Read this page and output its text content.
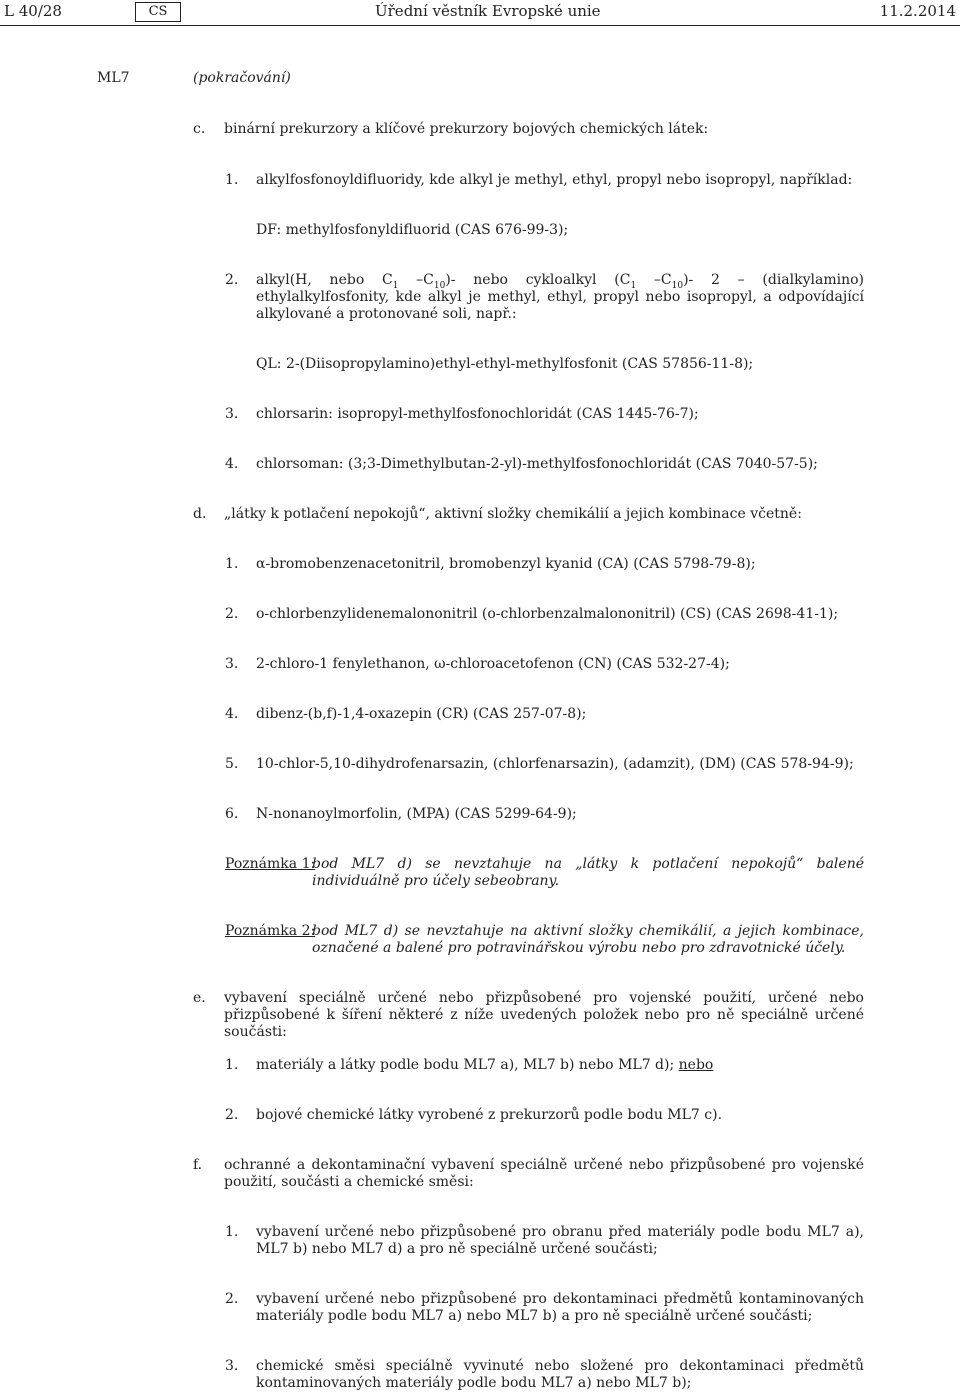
L 40/28	CS	Úřední věstník Evropské unie	11.2.2014
ML7	(pokračování)
c. binární prekurzory a klíčové prekurzory bojových chemických látek:
1. alkylfosfonoyldifluoridy, kde alkyl je methyl, ethyl, propyl nebo isopropyl, například:
DF: methylfosfonyldifluorid (CAS 676-99-3);
2. alkyl(H, nebo $C_1$ $-C_{10})-$ nebo cykloalkyl ($C_1$ $-C_{10})-$ 2 – (dialkylamino) ethylalkylfosfonity, kde alkyl je methyl, ethyl, propyl nebo isopropyl, a odpovídající alkylované a protonované soli, např.:
QL: 2-(Diisopropylamino)ethyl-ethyl-methylfosfonit (CAS 57856-11-8);
3. chlorsarin: isopropyl-methylfosfonochloridát (CAS 1445-76-7);
4. chlorsoman: (3;3-Dimethylbutan-2-yl)-methylfosfonochloridát (CAS 7040-57-5);
d. „látky k potlačení nepokojů“, aktivní složky chemikálií a jejich kombinace včetně:
1. α-bromobenzenacetonitril, bromobenzyl kyanid (CA) (CAS 5798-79-8);
2. o-chlorbenzylidenemalononitril (o-chlorbenzalmalononitril) (CS) (CAS 2698-41-1);
3. 2-chloro-1 fenylethanon, ω-chloroacetofenon (CN) (CAS 532-27-4);
4. dibenz-(b,f)-1,4-oxazepin (CR) (CAS 257-07-8);
5. 10-chlor-5,10-dihydrofenarsazin, (chlorfenarsazin), (adamzit), (DM) (CAS 578-94-9);
6. N-nonanoylmorfolin, (MPA) (CAS 5299-64-9);
Poznámka 1:
bod ML7 d) se nevztahuje na „látky k potlačení nepokojů“ balené individuálně pro účely sebeobrany.
Poznámka 2:
bod ML7 d) se nevztahuje na aktivní složky chemikálií, a jejich kombinace, označené a balené pro potravinářskou výrobu nebo pro zdravotnické účely.
e. vybavení speciálně určené nebo přizpůsobené pro vojenské použití, určené nebo přizpůsobené k šíření některé z níže uvedených položek nebo pro ně speciálně určené součásti:
1. materiály a látky podle bodu ML7 a), ML7 b) nebo ML7 d); nebo
2. bojové chemické látky vyrobené z prekurzorů podle bodu ML7 c).
f. ochranné a dekontaminační vybavení speciálně určené nebo přizpůsobené pro vojenské použití, součásti a chemické směsi:
1. vybavení určené nebo přizpůsobené pro obranu před materiály podle bodu ML7 a), ML7 b) nebo ML7 d) a pro ně speciálně určené součásti;
2. vybavení určené nebo přizpůsobené pro dekontaminaci předmětů kontaminovaných materiály podle bodu ML7 a) nebo ML7 b) a pro ně speciálně určené součásti;
3. chemické směsi speciálně vyvinuté nebo složené pro dekontaminaci předmětů kontaminovaných materiály podle bodu ML7 a) nebo ML7 b);
